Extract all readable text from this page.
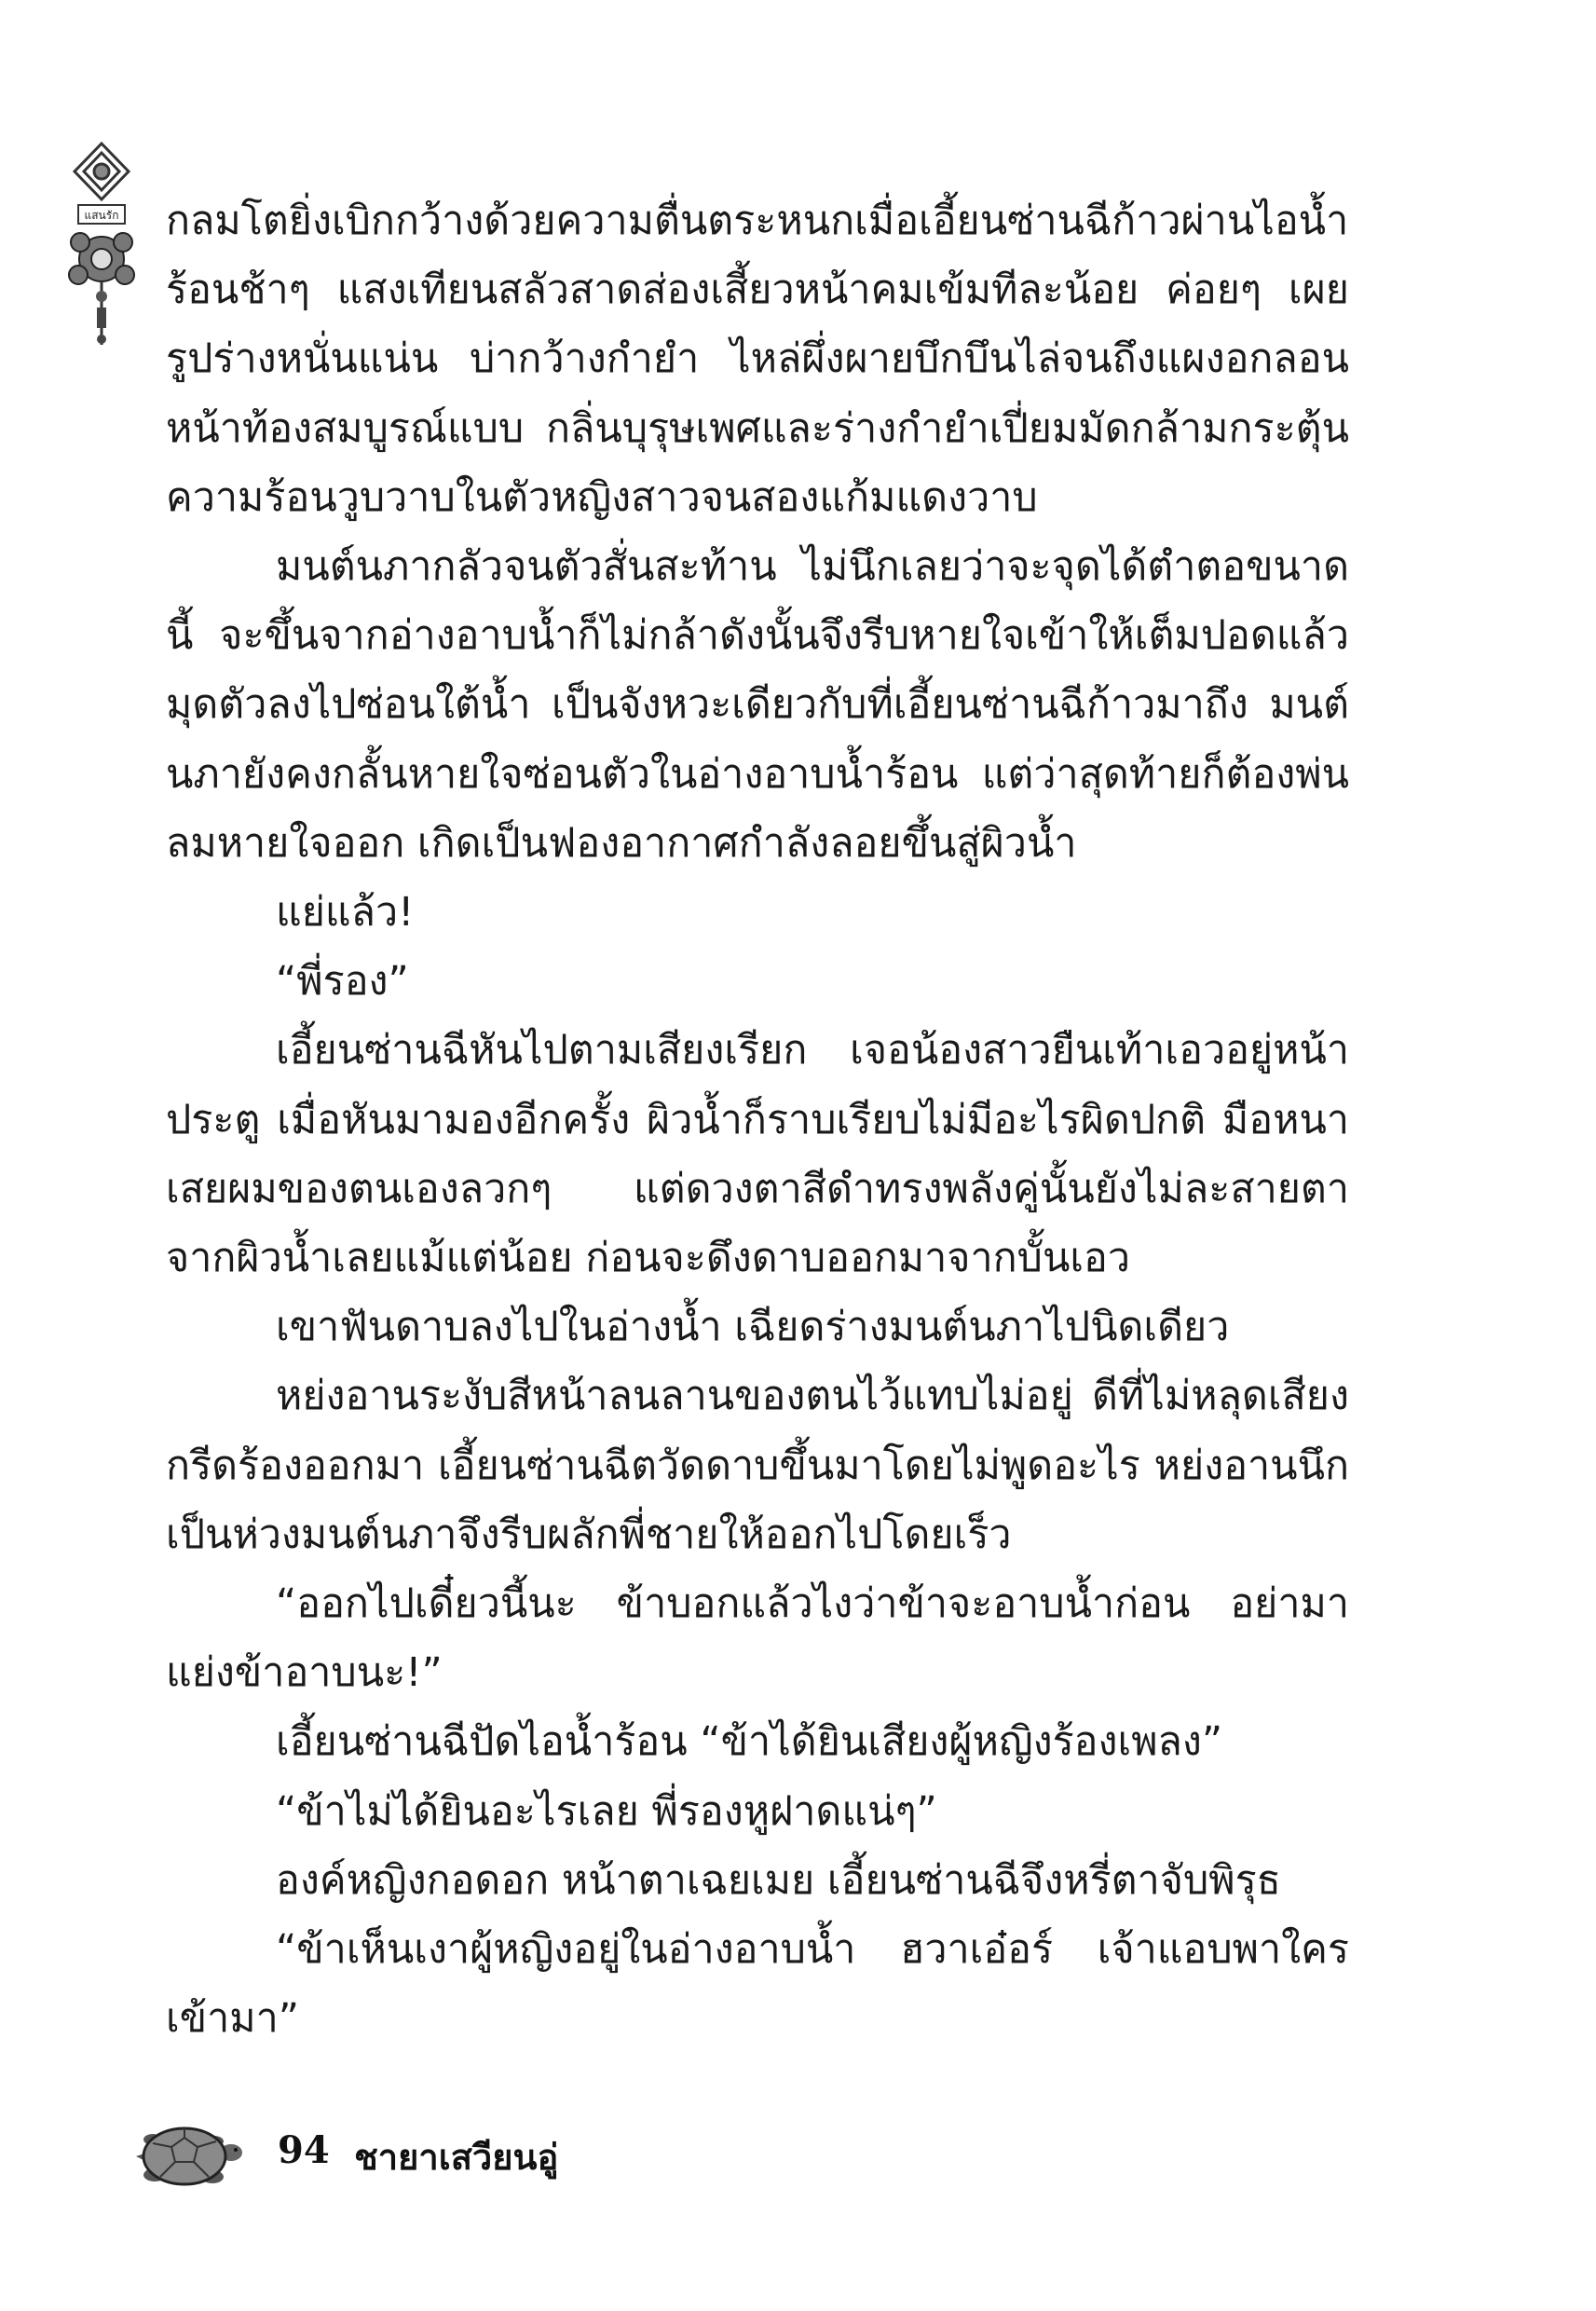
แสนรัก กลมโตยิ่งเบิกกว้างด้วยความตื่นตระหนกเมื่อเอี้ยนซ่านฉีก้าวผ่านไอน้ำร้อนช้าๆ แสงเทียนสลัวสาดส่องเสี้ยวหน้าคมเข้มทีละน้อย ค่อยๆ เผยรูปร่างหนั่นแน่น บ่ากว้างกำยำ ไหล่ผึ่งผายบึกบึนไล่จนถึงแผงอกลอนหน้าท้องสมบูรณ์แบบ กลิ่นบุรุษเพศและร่างกำยำเปี่ยมมัดกล้ามกระตุ้นความร้อนวูบวาบในตัวหญิงสาวจนสองแก้มแดงวาบ

มนต์นภากลัวจนตัวสั่นสะท้าน ไม่นึกเลยว่าจะจุดได้ตำตอขนาดนี้ จะขึ้นจากอ่างอาบน้ำก็ไม่กล้าดังนั้นจึงรีบหายใจเข้าให้เต็มปอดแล้วมุดตัวลงไปซ่อนใต้น้ำ เป็นจังหวะเดียวกับที่เอี้ยนซ่านฉีก้าวมาถึง มนต์นภายังคงกลั้นหายใจซ่อนตัวในอ่างอาบน้ำร้อน แต่ว่าสุดท้ายก็ต้องพ่นลมหายใจออก เกิดเป็นฟองอากาศกำลังลอยขึ้นสู่ผิวน้ำ

แย่แล้ว!

“พี่รอง”

เอี้ยนซ่านฉีหันไปตามเสียงเรียก เจอน้องสาวยืนเท้าเอวอยู่หน้าประตู เมื่อหันมามองอีกครั้ง ผิวน้ำก็ราบเรียบไม่มีอะไรผิดปกติ มือหนาเสยผมของตนเองลวกๆ แต่ดวงตาสีดำทรงพลังคู่นั้นยังไม่ละสายตาจากผิวน้ำเลยแม้แต่น้อย ก่อนจะดึงดาบออกมาจากบั้นเอว

เขาฟันดาบลงไปในอ่างน้ำ เฉียดร่างมนต์นภาไปนิดเดียว

หย่งอานระงับสีหน้าลนลานของตนไว้แทบไม่อยู่ ดีที่ไม่หลุดเสียงกรีดร้องออกมา เอี้ยนซ่านฉีตวัดดาบขึ้นมาโดยไม่พูดอะไร หย่งอานนึกเป็นห่วงมนต์นภาจึงรีบผลักพี่ชายให้ออกไปโดยเร็ว

“ออกไปเดี๋ยวนี้นะ ข้าบอกแล้วไงว่าข้าจะอาบน้ำก่อน อย่ามาแย่งข้าอาบนะ!”

เอี้ยนซ่านฉีปัดไอน้ำร้อน “ข้าได้ยินเสียงผู้หญิงร้องเพลง”

“ข้าไม่ได้ยินอะไรเลย พี่รองหูฝาดแน่ๆ”

องค์หญิงกอดอก หน้าตาเฉยเมย เอี้ยนซ่านฉีจึงหรี่ตาจับพิรุธ

“ข้าเห็นเงาผู้หญิงอยู่ในอ่างอาบน้ำ ฮวาเอ๋อร์ เจ้าแอบพาใครเข้ามา”

94 ชายาเสวียนอู่
